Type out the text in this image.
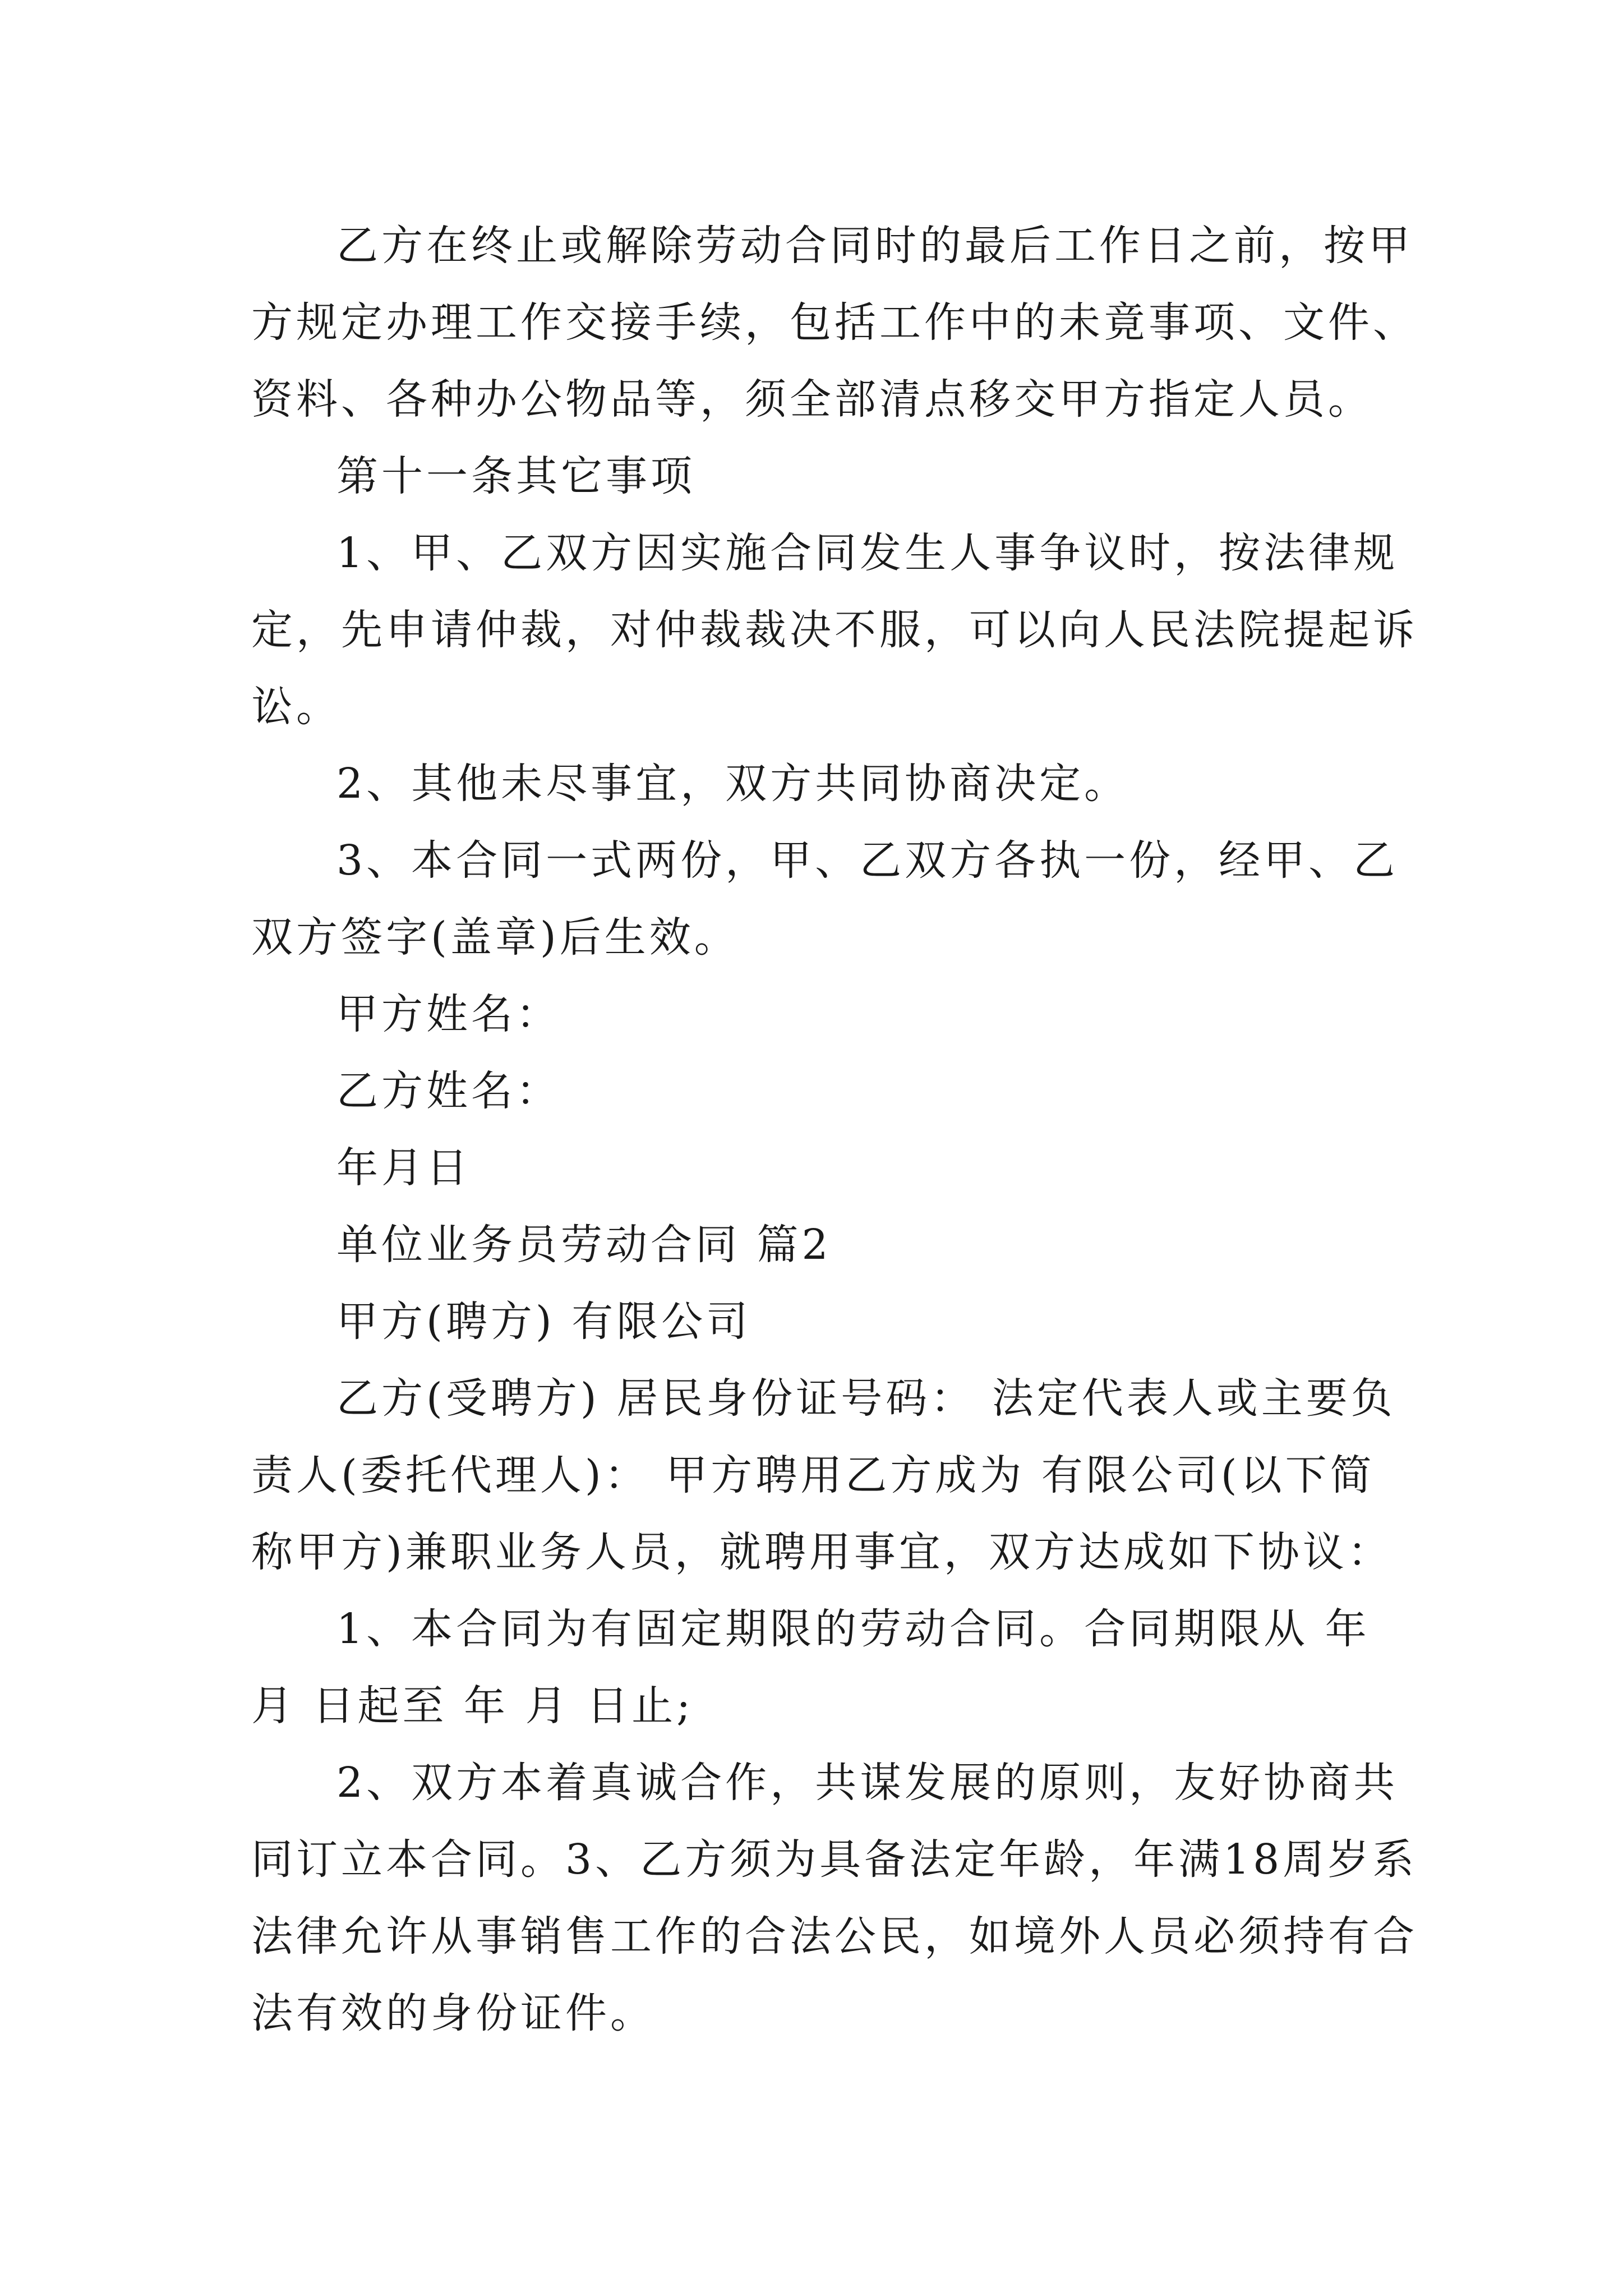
乙方在终止或解除劳动合同时的最后工作日之前，按甲
方规定办理工作交接手续，包括工作中的未竟事项、文件、
资料、各种办公物品等，须全部清点移交甲方指定人员。
第十一条其它事项
1、甲、乙双方因实施合同发生人事争议时，按法律规
定，先申请仲裁，对仲裁裁决不服，可以向人民法院提起诉
讼。
2、其他未尽事宜，双方共同协商决定。
3、本合同一式两份，甲、乙双方各执一份，经甲、乙
双方签字(盖章)后生效。
甲方姓名：
乙方姓名：
年月日
单位业务员劳动合同 篇2
甲方(聘方) 有限公司
乙方(受聘方) 居民身份证号码： 法定代表人或主要负
责人(委托代理人)： 甲方聘用乙方成为 有限公司(以下简
称甲方)兼职业务人员，就聘用事宜，双方达成如下协议：
1、本合同为有固定期限的劳动合同。合同期限从 年
月 日起至 年 月 日止;
2、双方本着真诚合作，共谋发展的原则，友好协商共
同订立本合同。3、乙方须为具备法定年龄，年满18周岁系
法律允许从事销售工作的合法公民，如境外人员必须持有合
法有效的身份证件。
